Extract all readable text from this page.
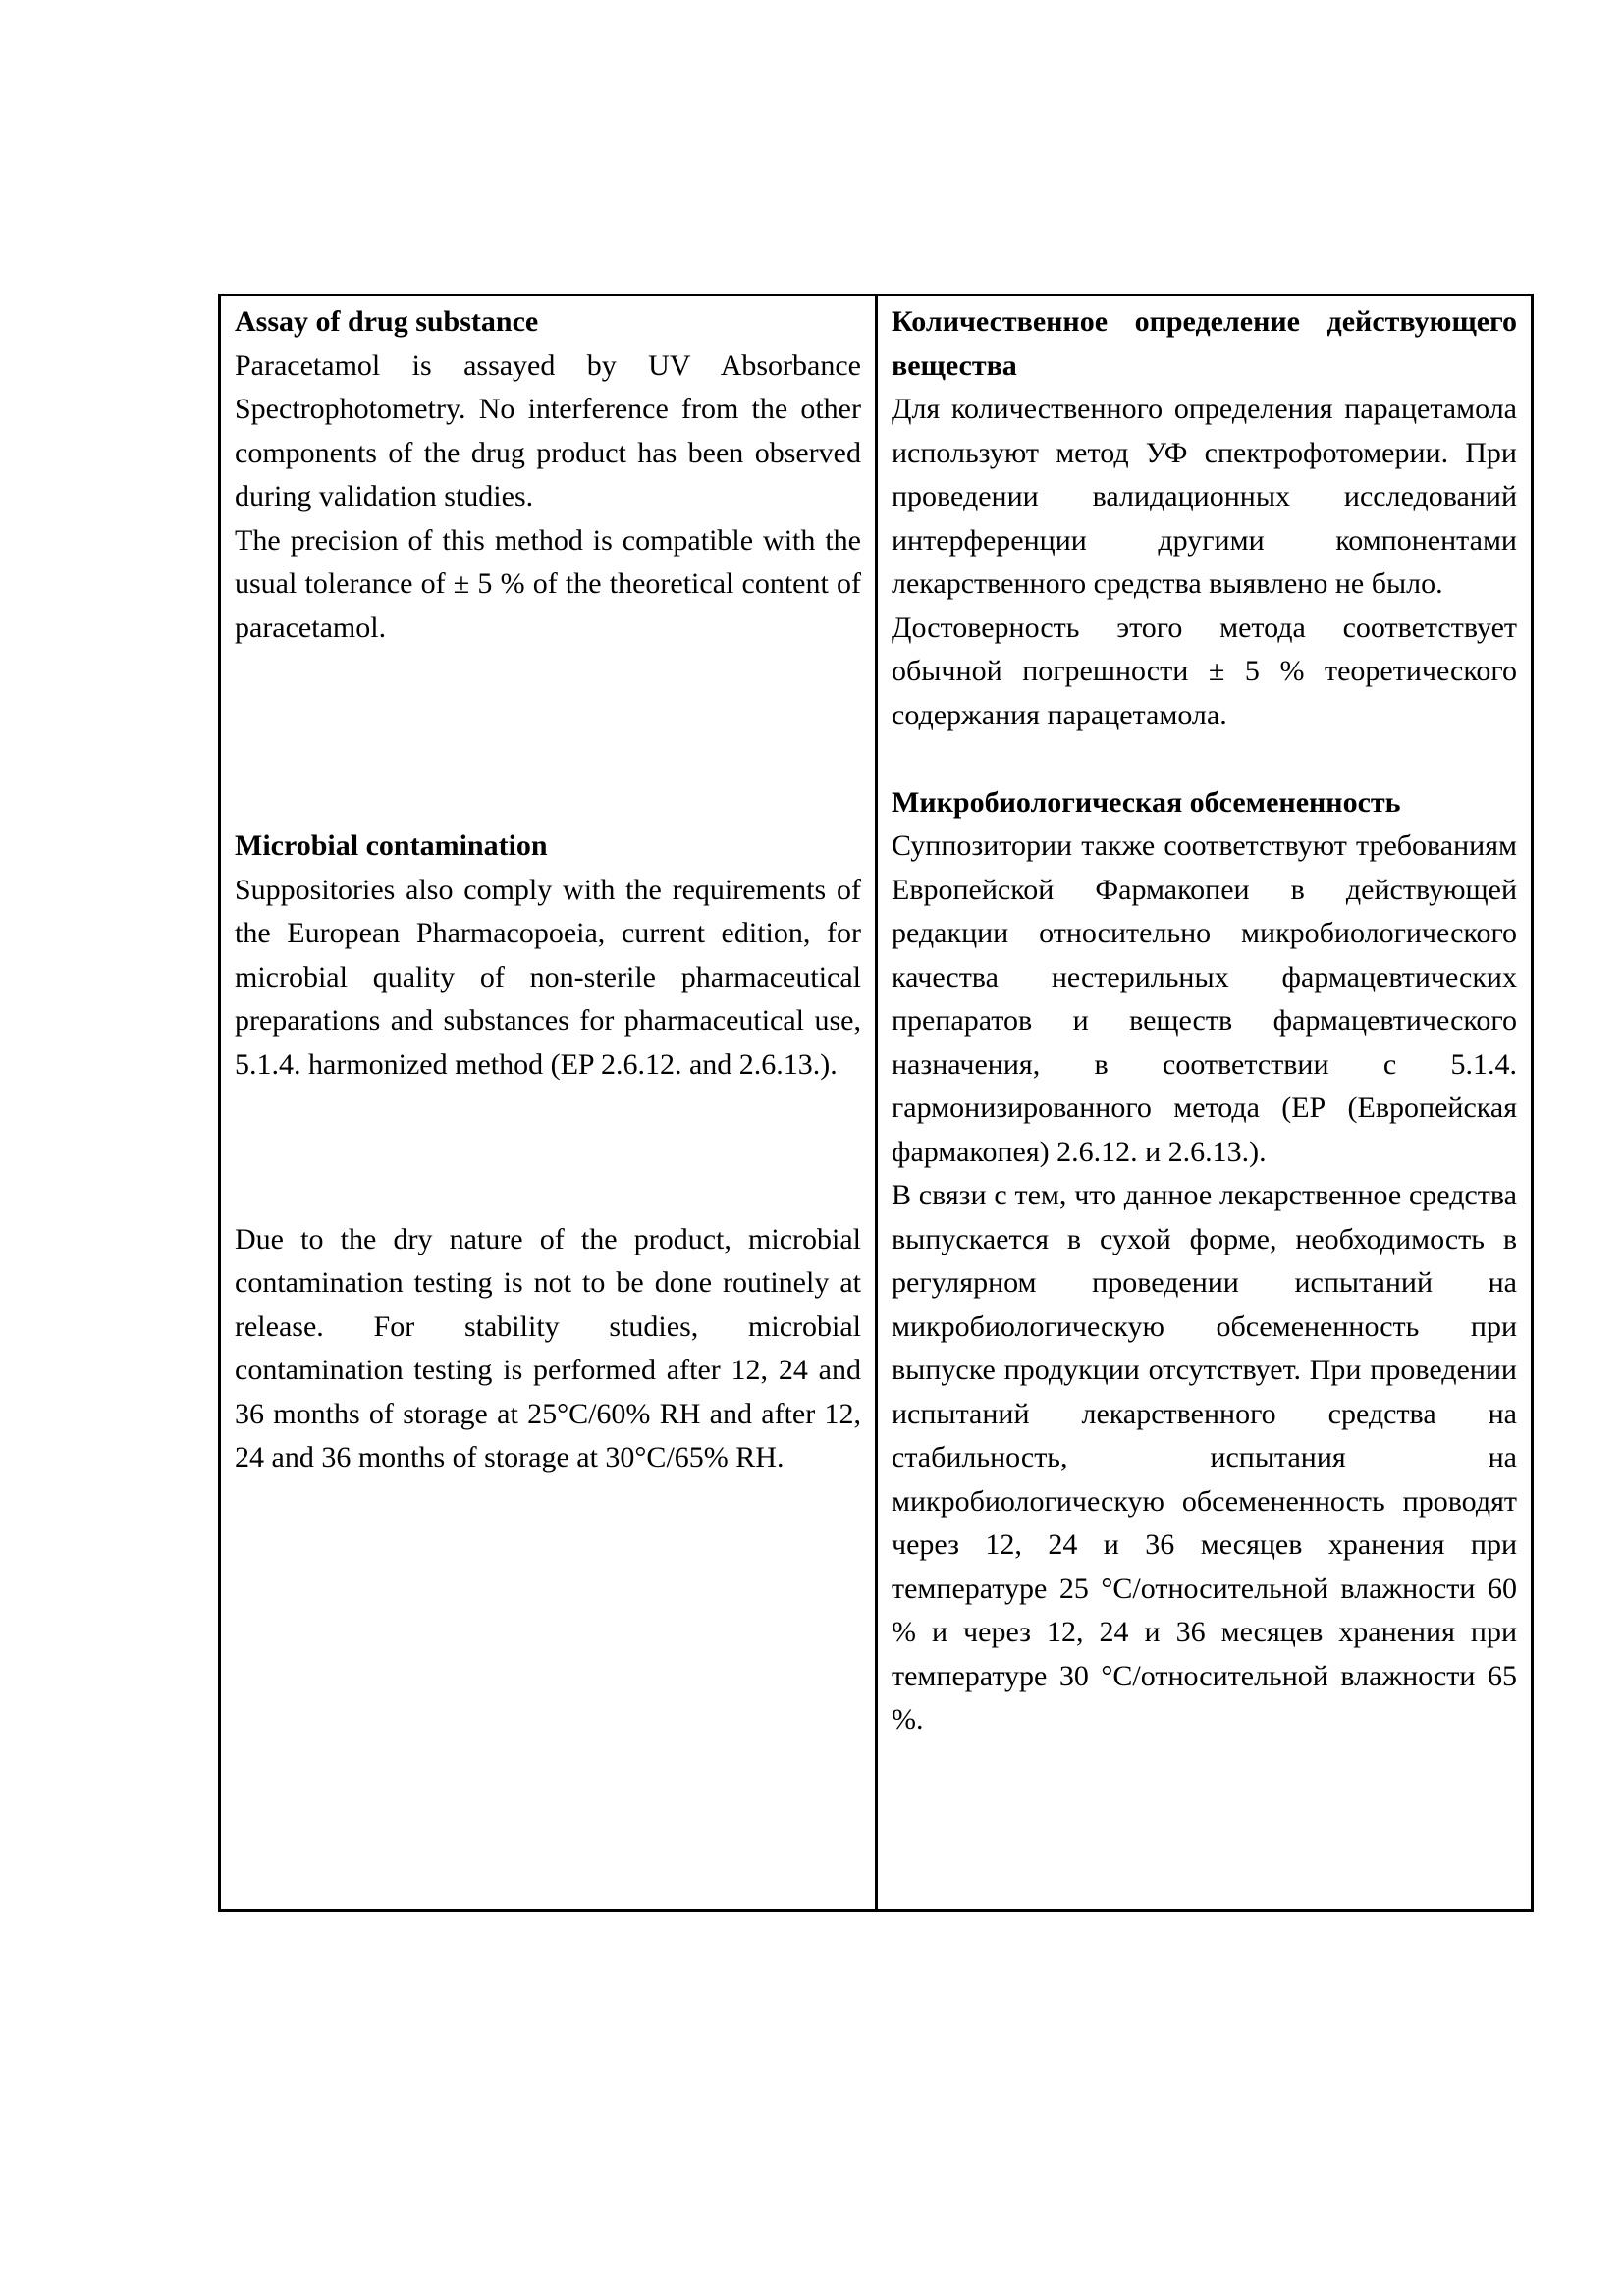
Assay of drug substance

Paracetamol is assayed by UV Absorbance Spectrophotometry. No interference from the other components of the drug product has been observed during validation studies.

The precision of this method is compatible with the usual tolerance of ± 5 % of the theoretical content of paracetamol.

Microbial contamination

Suppositories also comply with the requirements of the European Pharmacopoeia, current edition, for microbial quality of non-sterile pharmaceutical preparations and substances for pharmaceutical use, 5.1.4. harmonized method (EP 2.6.12. and 2.6.13.).

Due to the dry nature of the product, microbial contamination testing is not to be done routinely at release. For stability studies, microbial contamination testing is performed after 12, 24 and 36 months of storage at 25°C/60% RH and after 12, 24 and 36 months of storage at 30°C/65% RH.

Количественное определение действующего вещества

Для количественного определения парацетамола используют метод УФ спектрофотомерии. При проведении валидационных исследований интерференции другими компонентами лекарственного средства выявлено не было.

Достоверность этого метода соответствует обычной погрешности ± 5 % теоретического содержания парацетамола.

Микробиологическая обсемененность

Суппозитории также соответствуют требованиям Европейской Фармакопеи в действующей редакции относительно микробиологического качества нестерильных фармацевтических препаратов и веществ фармацевтического назначения, в соответствии с 5.1.4. гармонизированного метода (ЕР (Европейская фармакопея) 2.6.12. и 2.6.13.).

В связи с тем, что данное лекарственное средства выпускается в сухой форме, необходимость в регулярном проведении испытаний на микробиологическую обсемененность при выпуске продукции отсутствует. При проведении испытаний лекарственного средства на стабильность, испытания на микробиологическую обсемененность проводят через 12, 24 и 36 месяцев хранения при температуре 25 °C/относительной влажности 60 % и через 12, 24 и 36 месяцев хранения при температуре 30 °C/относительной влажности 65 %.
